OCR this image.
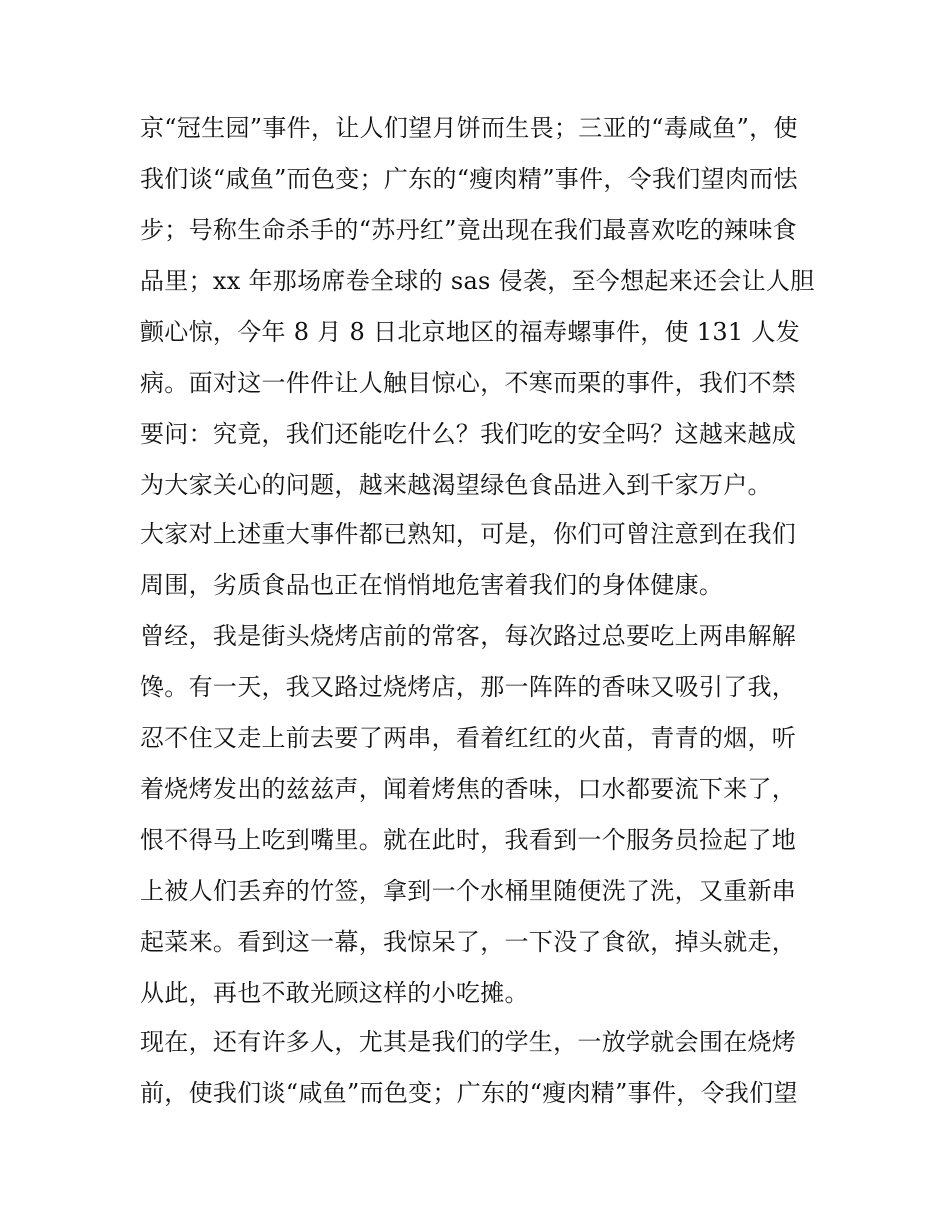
京“冠生园”事件，让人们望月饼而生畏；三亚的“毒咸鱼”，使
我们谈“咸鱼”而色变；广东的“瘦肉精”事件，令我们望肉而怯
步；号称生命杀手的“苏丹红”竟出现在我们最喜欢吃的辣味食
品里；xx 年那场席卷全球的 sas 侵袭，至今想起来还会让人胆
颤心惊，今年 8 月 8 日北京地区的福寿螺事件，使 131 人发
病。面对这一件件让人触目惊心，不寒而栗的事件，我们不禁
要问：究竟，我们还能吃什么？我们吃的安全吗？这越来越成
为大家关心的问题，越来越渴望绿色食品进入到千家万户。
大家对上述重大事件都已熟知，可是，你们可曾注意到在我们
周围，劣质食品也正在悄悄地危害着我们的身体健康。
曾经，我是街头烧烤店前的常客，每次路过总要吃上两串解解
馋。有一天，我又路过烧烤店，那一阵阵的香味又吸引了我，
忍不住又走上前去要了两串，看着红红的火苗，青青的烟，听
着烧烤发出的兹兹声，闻着烤焦的香味，口水都要流下来了，
恨不得马上吃到嘴里。就在此时，我看到一个服务员捡起了地
上被人们丢弃的竹签，拿到一个水桶里随便洗了洗，又重新串
起菜来。看到这一幕，我惊呆了，一下没了食欲，掉头就走，
从此，再也不敢光顾这样的小吃摊。
现在，还有许多人，尤其是我们的学生，一放学就会围在烧烤
前，使我们谈“咸鱼”而色变；广东的“瘦肉精”事件，令我们望
